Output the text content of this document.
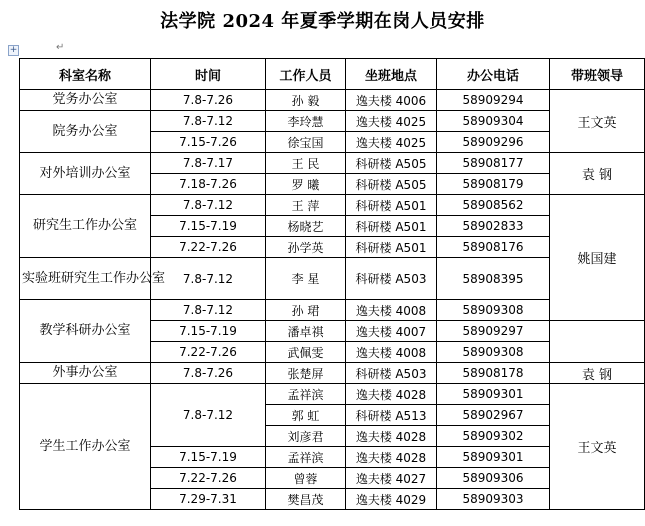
法学院 2024 年夏季学期在岗人员安排
+	↵
科室名称	时间	工作人员	坐班地点	办公电话	带班领导	
党务办公室	7.8-7.26	孙 毅	逸夫楼 4006	58909294	王文英	
院务办公室	7.8-7.12	李玲慧	逸夫楼 4025	58909304		
	7.15-7.26	徐宝国	逸夫楼 4025	58909296		
对外培训办公室	7.8-7.17	王 民	科研楼 A505	58908177	袁 钢	
	7.18-7.26	罗 曦	科研楼 A505	58908179		
研究生工作办公室	7.8-7.12	王 萍	科研楼 A501	58908562	姚国建	
	7.15-7.19	杨晓艺	科研楼 A501	58902833		
	7.22-7.26	孙学英	科研楼 A501	58908176		
实验班研究生工作办公室	7.8-7.12	李 星	科研楼 A503	58908395		
教学科研办公室	7.8-7.12	孙 珺	逸夫楼 4008	58909308	
	7.15-7.19	潘卓祺	逸夫楼 4007	58909297		
	7.22-7.26	武佩雯	逸夫楼 4008	58909308		
外事办公室	7.8-7.26	张楚屏	科研楼 A503	58908178	袁 钢	
学生工作办公室	7.8-7.12	孟祥滨	逸夫楼 4028	58909301	王文英	
		郭 虹	科研楼 A513	58902967		
		刘彦君	逸夫楼 4028	58909302		
	7.15-7.19	孟祥滨	逸夫楼 4028	58909301		
	7.22-7.26	曾蓉	逸夫楼 4027	58909306		
	7.29-7.31	樊昌茂	逸夫楼 4029	58909303		
